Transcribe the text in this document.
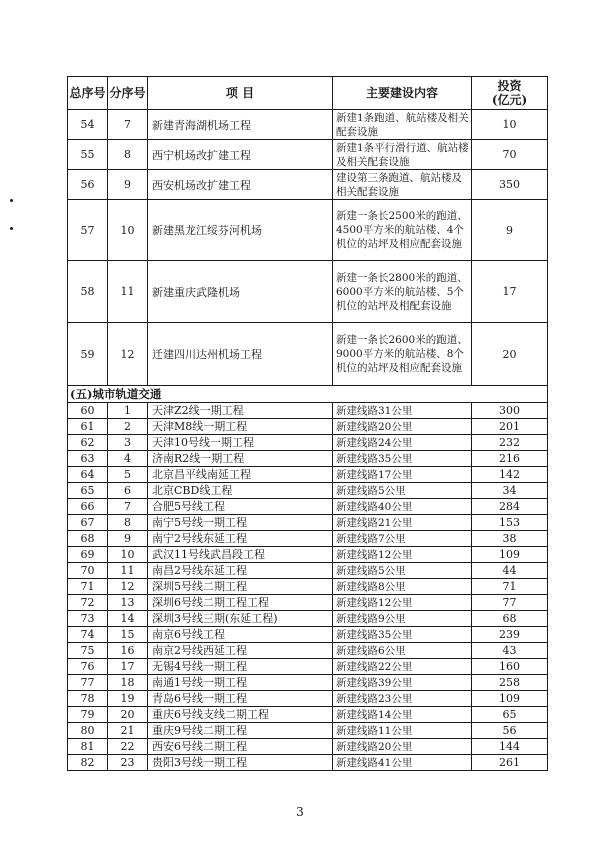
总序号	分序号	项 目	主要建设内容	投资
(亿元)
54	7	新建青海湖机场工程	新建1条跑道、航站楼及相关配套设施	10
55	8	西宁机场改扩建工程	新建1条平行滑行道、航站楼及相关配套设施	70
56	9	西安机场改扩建工程	建设第三条跑道、航站楼及相关配套设施	350
57	10	新建黑龙江绥芬河机场	新建一条长2500米的跑道、4500平方米的航站楼、4个机位的站坪及相应配套设施	9
58	11	新建重庆武隆机场	新建一条长2800米的跑道、6000平方米的航站楼、5个机位的站坪及相配套设施	17
59	12	迁建四川达州机场工程	新建一条长2600米的跑道、9000平方米的航站楼、8个机位的站坪及相应配套设施	20
(五)城市轨道交通				
60	1	天津Z2线一期工程	新建线路31公里	300
61	2	天津M8线一期工程	新建线路20公里	201
62	3	天津10号线一期工程	新建线路24公里	232
63	4	济南R2线一期工程	新建线路35公里	216
64	5	北京昌平线南延工程	新建线路17公里	142
65	6	北京CBD线工程	新建线路5公里	34
66	7	合肥5号线工程	新建线路40公里	284
67	8	南宁5号线一期工程	新建线路21公里	153
68	9	南宁2号线东延工程	新建线路7公里	38
69	10	武汉11号线武昌段工程	新建线路12公里	109
70	11	南昌2号线东延工程	新建线路5公里	44
71	12	深圳5号线二期工程	新建线路8公里	71
72	13	深圳6号线二期工程工程	新建线路12公里	77
73	14	深圳3号线三期(东延工程)	新建线路9公里	68
74	15	南京6号线工程	新建线路35公里	239
75	16	南京2号线西延工程	新建线路6公里	43
76	17	无锡4号线一期工程	新建线路22公里	160
77	18	南通1号线一期工程	新建线路39公里	258
78	19	青岛6号线一期工程	新建线路23公里	109
79	20	重庆6号线支线二期工程	新建线路14公里	65
80	21	重庆9号线二期工程	新建线路11公里	56
81	22	西安6号线二期工程	新建线路20公里	144
82	23	贵阳3号线一期工程	新建线路41公里	261
3
